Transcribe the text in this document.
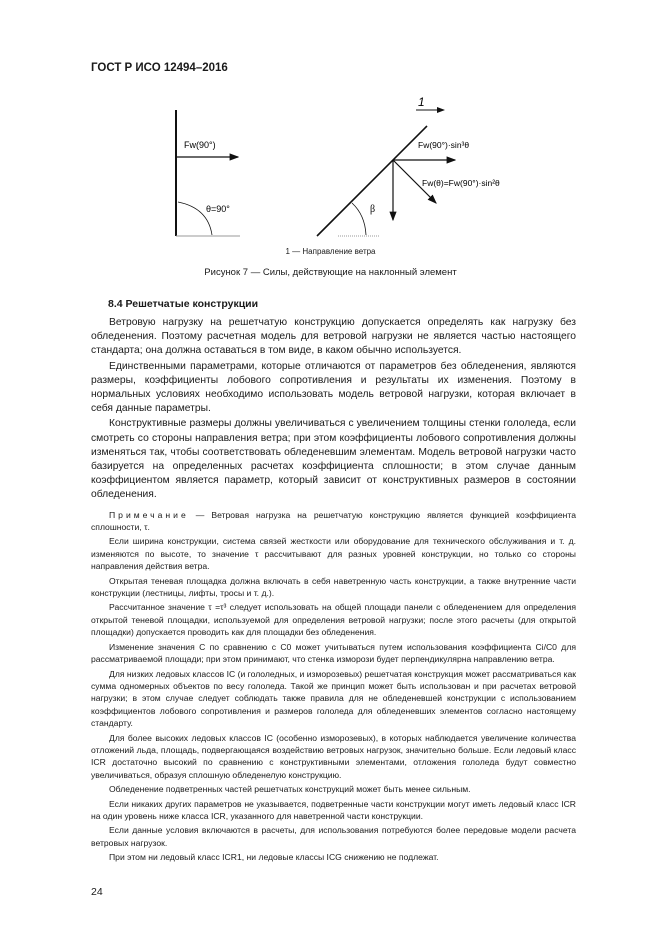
ГОСТ Р ИСО 12494–2016
Fw(90°)
θ=90°
1
Fw(90°)·sin³θ
Fw(θ)=Fw(90°)·sin²θ
β
1 — Направление ветра
Рисунок 7 — Силы, действующие на наклонный элемент
8.4 Решетчатые конструкции

Ветровую нагрузку на решетчатую конструкцию допускается определять как нагрузку без обледенения. Поэтому расчетная модель для ветровой нагрузки не является частью настоящего стандарта; она должна оставаться в том виде, в каком обычно используется.

Единственными параметрами, которые отличаются от параметров без обледенения, являются размеры, коэффициенты лобового сопротивления и результаты их изменения. Поэтому в нормальных условиях необходимо использовать модель ветровой нагрузки, которая включает в себя данные параметры.

Конструктивные размеры должны увеличиваться с увеличением толщины стенки гололеда, если смотреть со стороны направления ветра; при этом коэффициенты лобового сопротивления должны изменяться так, чтобы соответствовать обледеневшим элементам. Модель ветровой нагрузки часто базируется на определенных расчетах коэффициента сплошности; в этом случае данным коэффициентом является параметр, который зависит от конструктивных размеров в состоянии обледенения.

Примечание — Ветровая нагрузка на решетчатую конструкцию является функцией коэффициента сплошности, τ.

Если ширина конструкции, система связей жесткости или оборудование для технического обслуживания и т. д. изменяются по высоте, то значение τ рассчитывают для разных уровней конструкции, но только со стороны направления действия ветра.

Открытая теневая площадка должна включать в себя наветренную часть конструкции, а также внутренние части конструкции (лестницы, лифты, тросы и т. д.).

Рассчитанное значение τ =τ³ следует использовать на общей площади панели с обледенением для определения открытой теневой площадки, используемой для определения ветровой нагрузки; после этого расчеты (для открытой площадки) допускается проводить как для площадки без обледенения.

Изменение значения C по сравнению с C0 может учитываться путем использования коэффициента Ci/C0 для рассматриваемой площади; при этом принимают, что стенка изморози будет перпендикулярна направлению ветра.

Для низких ледовых классов IC (и гололедных, и изморозевых) решетчатая конструкция может рассматриваться как сумма одномерных объектов по весу гололеда. Такой же принцип может быть использован и при расчетах ветровой нагрузки; в этом случае следует соблюдать также правила для не обледеневшей конструкции с использованием коэффициентов лобового сопротивления и размеров гололеда для обледеневших элементов согласно настоящему стандарту.

Для более высоких ледовых классов IC (особенно изморозевых), в которых наблюдается увеличение количества отложений льда, площадь, подвергающаяся воздействию ветровых нагрузок, значительно больше. Если ледовый класс ICR достаточно высокий по сравнению с конструктивными элементами, отложения гололеда будут совместно увеличиваться, образуя сплошную обледенелую конструкцию.

Обледенение подветренных частей решетчатых конструкций может быть менее сильным.

Если никаких других параметров не указывается, подветренные части конструкции могут иметь ледовый класс ICR на один уровень ниже класса ICR, указанного для наветренной части конструкции.

Если данные условия включаются в расчеты, для использования потребуются более передовые модели расчета ветровых нагрузок.

При этом ни ледовый класс ICR1, ни ледовые классы ICG снижению не подлежат.

24
